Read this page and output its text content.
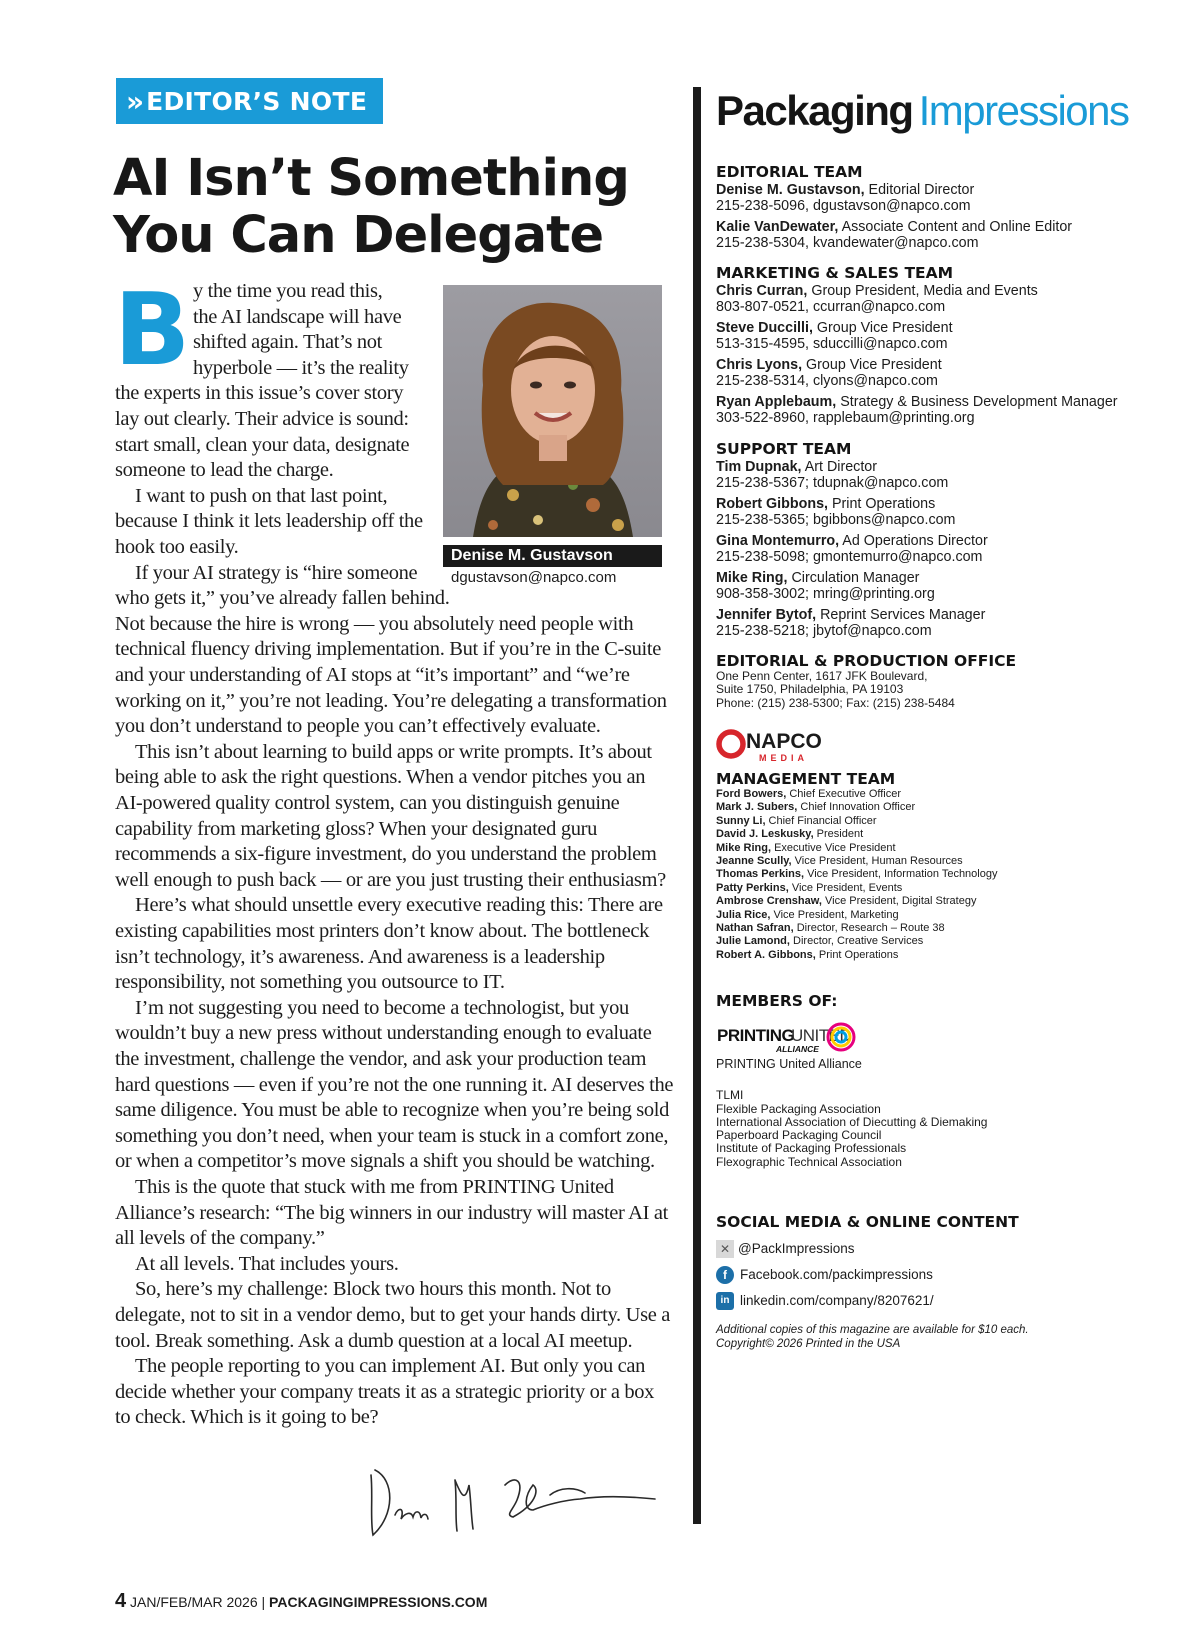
» EDITOR’S NOTE
AI Isn’t Something
You Can Delegate
B y the time you read this,
the AI landscape will have
shifted again. That’s not
hyperbole — it’s the reality
the experts in this issue’s cover story
lay out clearly. Their advice is sound:
start small, clean your data, designate
someone to lead the charge.
I want to push on that last point,
because I think it lets leadership off the
hook too easily.
If your AI strategy is “hire someone
who gets it,” you’ve already fallen behind.
Not because the hire is wrong — you absolutely need people with
technical fluency driving implementation. But if you’re in the C-suite
and your understanding of AI stops at “it’s important” and “we’re
working on it,” you’re not leading. You’re delegating a transformation
you don’t understand to people you can’t effectively evaluate.
This isn’t about learning to build apps or write prompts. It’s about
being able to ask the right questions. When a vendor pitches you an
AI-powered quality control system, can you distinguish genuine
capability from marketing gloss? When your designated guru
recommends a six-figure investment, do you understand the problem
well enough to push back — or are you just trusting their enthusiasm?
Here’s what should unsettle every executive reading this: There are
existing capabilities most printers don’t know about. The bottleneck
isn’t technology, it’s awareness. And awareness is a leadership
responsibility, not something you outsource to IT.
I’m not suggesting you need to become a technologist, but you
wouldn’t buy a new press without understanding enough to evaluate
the investment, challenge the vendor, and ask your production team
hard questions — even if you’re not the one running it. AI deserves the
same diligence. You must be able to recognize when you’re being sold
something you don’t need, when your team is stuck in a comfort zone,
or when a competitor’s move signals a shift you should be watching.
This is the quote that stuck with me from PRINTING United
Alliance’s research: “The big winners in our industry will master AI at
all levels of the company.”
At all levels. That includes yours.
So, here’s my challenge: Block two hours this month. Not to
delegate, not to sit in a vendor demo, but to get your hands dirty. Use a
tool. Break something. Ask a dumb question at a local AI meetup.
The people reporting to you can implement AI. But only you can
decide whether your company treats it as a strategic priority or a box
to check. Which is it going to be?
Denise M. Gustavson
dgustavson@napco.com
4 JAN/FEB/MAR 2026 | PACKAGINGIMPRESSIONS.COM
Packaging Impressions
EDITORIAL TEAM
Denise M. Gustavson, Editorial Director
215-238-5096, dgustavson@napco.com
Kalie VanDewater, Associate Content and Online Editor
215-238-5304, kvandewater@napco.com
MARKETING & SALES TEAM
Chris Curran, Group President, Media and Events
803-807-0521, ccurran@napco.com
Steve Duccilli, Group Vice President
513-315-4595, sduccilli@napco.com
Chris Lyons, Group Vice President
215-238-5314, clyons@napco.com
Ryan Applebaum, Strategy & Business Development Manager
303-522-8960, rapplebaum@printing.org
SUPPORT TEAM
Tim Dupnak, Art Director
215-238-5367; tdupnak@napco.com
Robert Gibbons, Print Operations
215-238-5365; bgibbons@napco.com
Gina Montemurro, Ad Operations Director
215-238-5098; gmontemurro@napco.com
Mike Ring, Circulation Manager
908-358-3002; mring@printing.org
Jennifer Bytof, Reprint Services Manager
215-238-5218; jbytof@napco.com
EDITORIAL & PRODUCTION OFFICE
One Penn Center, 1617 JFK Boulevard,
Suite 1750, Philadelphia, PA 19103
Phone: (215) 238-5300; Fax: (215) 238-5484
NAPCO
MEDIA
MANAGEMENT TEAM
Ford Bowers, Chief Executive Officer
Mark J. Subers, Chief Innovation Officer
Sunny Li, Chief Financial Officer
David J. Leskusky, President
Mike Ring, Executive Vice President
Jeanne Scully, Vice President, Human Resources
Thomas Perkins, Vice President, Information Technology
Patty Perkins, Vice President, Events
Ambrose Crenshaw, Vice President, Digital Strategy
Julia Rice, Vice President, Marketing
Nathan Safran, Director, Research – Route 38
Julie Lamond, Director, Creative Services
Robert A. Gibbons, Print Operations
MEMBERS OF:
PRINTING
UNITED
ALLIANCE
PRINTING United Alliance
TLMI
Flexible Packaging Association
International Association of Diecutting & Diemaking
Paperboard Packaging Council
Institute of Packaging Professionals
Flexographic Technical Association
SOCIAL MEDIA & ONLINE CONTENT
✕ @PackImpressions
f Facebook.com/packimpressions
in linkedin.com/company/8207621/
Additional copies of this magazine are available for $10 each.
Copyright© 2026 Printed in the USA
